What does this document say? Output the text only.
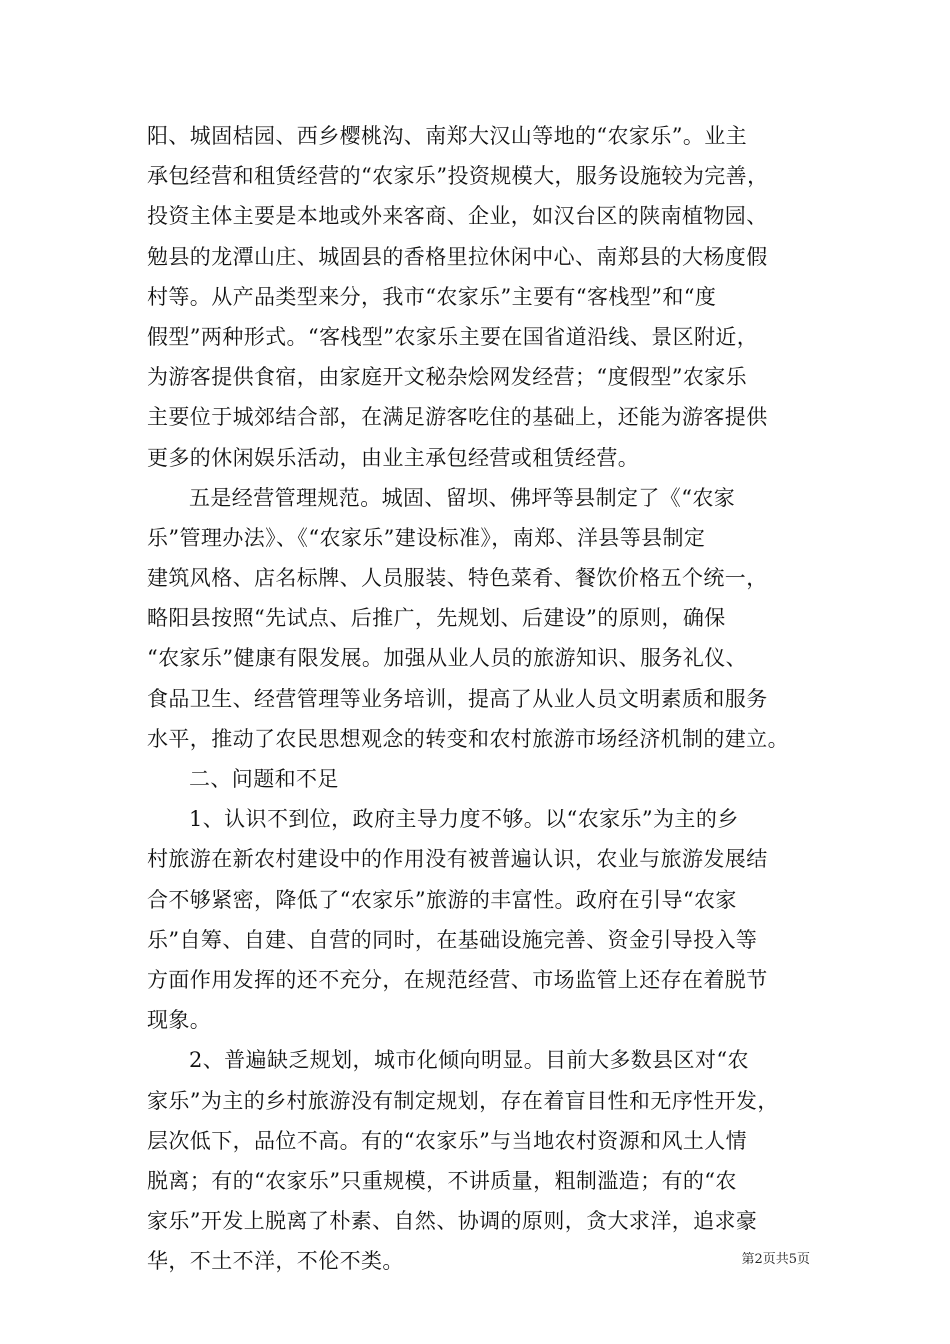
阳、城固桔园、西乡樱桃沟、南郑大汉山等地的“农家乐”。业主
承包经营和租赁经营的“农家乐”投资规模大，服务设施较为完善，
投资主体主要是本地或外来客商、企业，如汉台区的陕南植物园、
勉县的龙潭山庄、城固县的香格里拉休闲中心、南郑县的大杨度假
村等。从产品类型来分，我市“农家乐”主要有“客栈型”和“度
假型”两种形式。“客栈型”农家乐主要在国省道沿线、景区附近，
为游客提供食宿，由家庭开文秘杂烩网发经营；“度假型”农家乐
主要位于城郊结合部，在满足游客吃住的基础上，还能为游客提供
更多的休闲娱乐活动，由业主承包经营或租赁经营。
五是经营管理规范。城固、留坝、佛坪等县制定了《“农家
乐”管理办法》、《“农家乐”建设标准》，南郑、洋县等县制定
建筑风格、店名标牌、人员服装、特色菜肴、餐饮价格五个统一，
略阳县按照“先试点、后推广，先规划、后建设”的原则，确保
“农家乐”健康有限发展。加强从业人员的旅游知识、服务礼仪、
食品卫生、经营管理等业务培训，提高了从业人员文明素质和服务
水平，推动了农民思想观念的转变和农村旅游市场经济机制的建立。
二、问题和不足
1、认识不到位，政府主导力度不够。以“农家乐”为主的乡
村旅游在新农村建设中的作用没有被普遍认识，农业与旅游发展结
合不够紧密，降低了“农家乐”旅游的丰富性。政府在引导“农家
乐”自筹、自建、自营的同时，在基础设施完善、资金引导投入等
方面作用发挥的还不充分，在规范经营、市场监管上还存在着脱节
现象。
2、普遍缺乏规划，城市化倾向明显。目前大多数县区对“农
家乐”为主的乡村旅游没有制定规划，存在着盲目性和无序性开发，
层次低下，品位不高。有的“农家乐”与当地农村资源和风土人情
脱离；有的“农家乐”只重规模，不讲质量，粗制滥造；有的“农
家乐”开发上脱离了朴素、自然、协调的原则，贪大求洋，追求豪
华，不土不洋，不伦不类。	第2页共5页
